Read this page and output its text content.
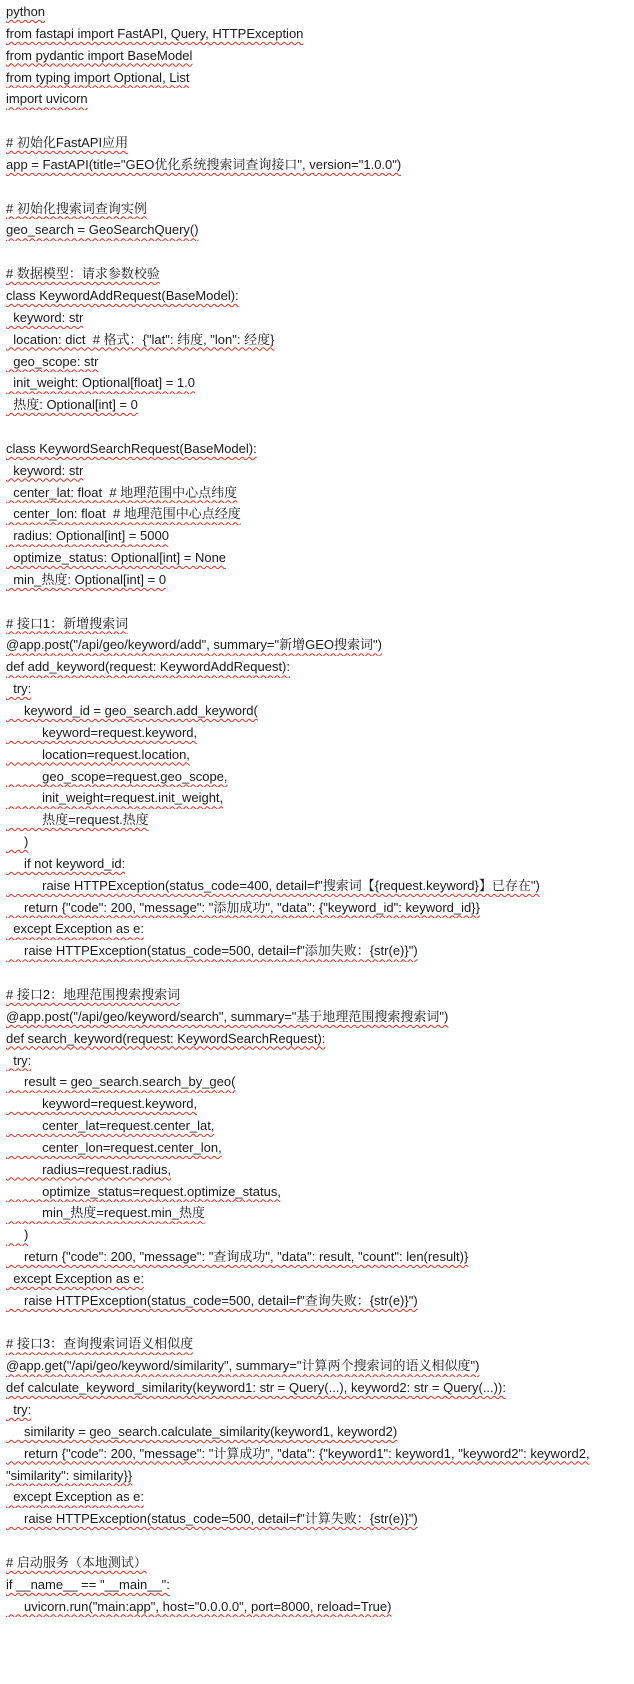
python
from fastapi import FastAPI, Query, HTTPException
from pydantic import BaseModel
from typing import Optional, List
import uvicorn
# 初始化FastAPI应用
app = FastAPI(title="GEO优化系统搜索词查询接口", version="1.0.0")
# 初始化搜索词查询实例
geo_search = GeoSearchQuery()
# 数据模型：请求参数校验
class KeywordAddRequest(BaseModel):
keyword: str
location: dict  # 格式：{"lat": 纬度, "lon": 经度}
geo_scope: str
init_weight: Optional[float] = 1.0
热度: Optional[int] = 0
class KeywordSearchRequest(BaseModel):
keyword: str
center_lat: float  # 地理范围中心点纬度
center_lon: float  # 地理范围中心点经度
radius: Optional[int] = 5000
optimize_status: Optional[int] = None
min_热度: Optional[int] = 0
# 接口1：新增搜索词
@app.post("/api/geo/keyword/add", summary="新增GEO搜索词")
def add_keyword(request: KeywordAddRequest):
try:
keyword_id = geo_search.add_keyword(
keyword=request.keyword,
location=request.location,
geo_scope=request.geo_scope,
init_weight=request.init_weight,
热度=request.热度
)
if not keyword_id:
raise HTTPException(status_code=400, detail=f"搜索词【{request.keyword}】已存在")
return {"code": 200, "message": "添加成功", "data": {"keyword_id": keyword_id}}
except Exception as e:
raise HTTPException(status_code=500, detail=f"添加失败：{str(e)}")
# 接口2：地理范围搜索搜索词
@app.post("/api/geo/keyword/search", summary="基于地理范围搜索搜索词")
def search_keyword(request: KeywordSearchRequest):
try:
result = geo_search.search_by_geo(
keyword=request.keyword,
center_lat=request.center_lat,
center_lon=request.center_lon,
radius=request.radius,
optimize_status=request.optimize_status,
min_热度=request.min_热度
)
return {"code": 200, "message": "查询成功", "data": result, "count": len(result)}
except Exception as e:
raise HTTPException(status_code=500, detail=f"查询失败：{str(e)}")
# 接口3：查询搜索词语义相似度
@app.get("/api/geo/keyword/similarity", summary="计算两个搜索词的语义相似度")
def calculate_keyword_similarity(keyword1: str = Query(...), keyword2: str = Query(...)):
try:
similarity = geo_search.calculate_similarity(keyword1, keyword2)
return {"code": 200, "message": "计算成功", "data": {"keyword1": keyword1, "keyword2": keyword2,
"similarity": similarity}}
except Exception as e:
raise HTTPException(status_code=500, detail=f"计算失败：{str(e)}")
# 启动服务（本地测试）
if __name__ == "__main__":
uvicorn.run("main:app", host="0.0.0.0", port=8000, reload=True)
